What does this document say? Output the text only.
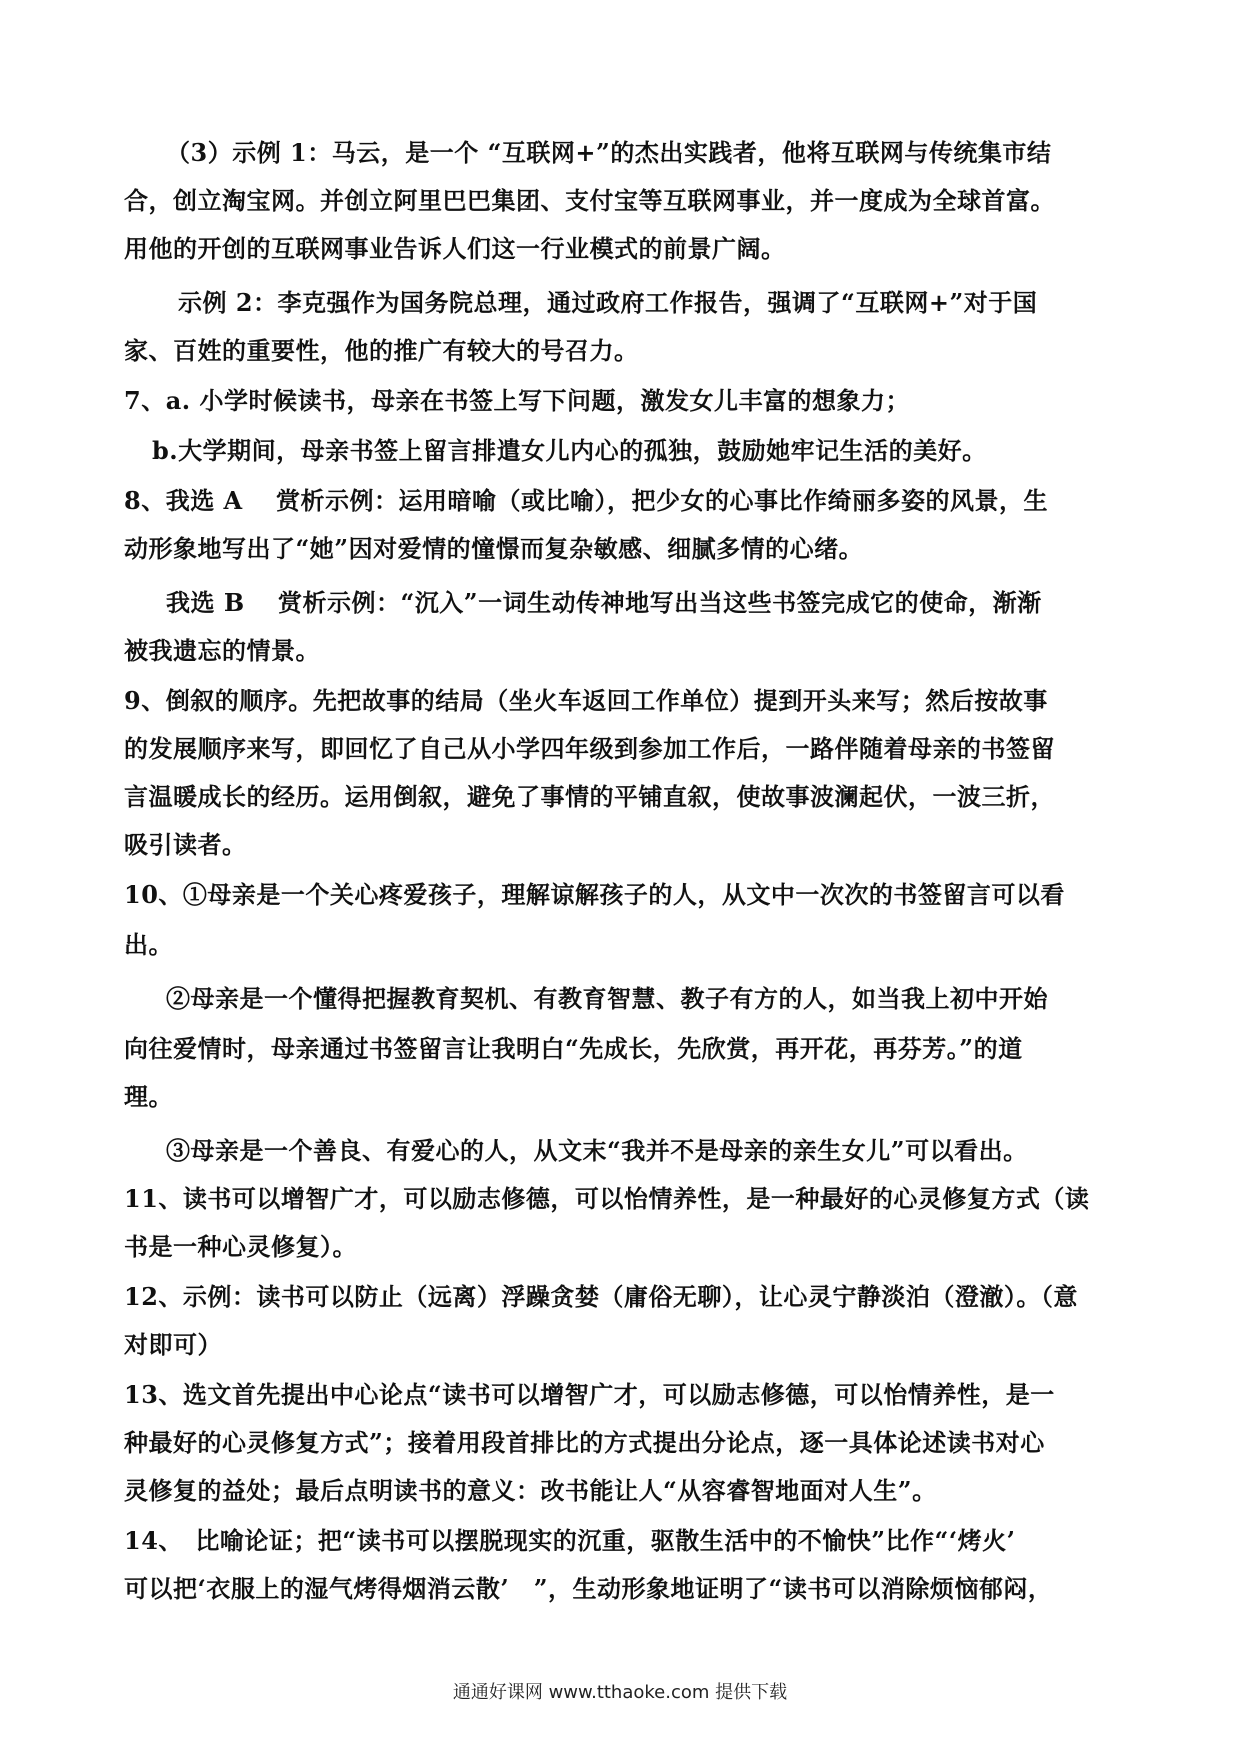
（3）示例 1：马云，是一个 “互联网+”的杰出实践者，他将互联网与传统集市结
合，创立淘宝网。并创立阿里巴巴集团、支付宝等互联网事业，并一度成为全球首富。
用他的开创的互联网事业告诉人们这一行业模式的前景广阔。
示例 2：李克强作为国务院总理，通过政府工作报告，强调了“互联网+”对于国
家、百姓的重要性，他的推广有较大的号召力。
7、a. 小学时候读书，母亲在书签上写下问题，激发女儿丰富的想象力；
b.大学期间，母亲书签上留言排遣女儿内心的孤独，鼓励她牢记生活的美好。
8、我选 A　 赏析示例：运用暗喻（或比喻），把少女的心事比作绮丽多姿的风景，生
动形象地写出了“她”因对爱情的憧憬而复杂敏感、细腻多情的心绪。
我选 B　 赏析示例：“沉入”一词生动传神地写出当这些书签完成它的使命，渐渐
被我遗忘的情景。
9、倒叙的顺序。先把故事的结局（坐火车返回工作单位）提到开头来写；然后按故事
的发展顺序来写，即回忆了自己从小学四年级到参加工作后，一路伴随着母亲的书签留
言温暖成长的经历。运用倒叙，避免了事情的平铺直叙，使故事波澜起伏，一波三折，
吸引读者。
10、①母亲是一个关心疼爱孩子，理解谅解孩子的人，从文中一次次的书签留言可以看
出。
②母亲是一个懂得把握教育契机、有教育智慧、教子有方的人，如当我上初中开始
向往爱情时，母亲通过书签留言让我明白“先成长，先欣赏，再开花，再芬芳。”的道
理。
③母亲是一个善良、有爱心的人，从文末“我并不是母亲的亲生女儿”可以看出。
11、读书可以增智广才，可以励志修德，可以怡情养性，是一种最好的心灵修复方式（读
书是一种心灵修复）。
12、示例：读书可以防止（远离）浮躁贪婪（庸俗无聊），让心灵宁静淡泊（澄澈）。（意
对即可）
13、选文首先提出中心论点“读书可以增智广才，可以励志修德，可以怡情养性，是一
种最好的心灵修复方式”；接着用段首排比的方式提出分论点，逐一具体论述读书对心
灵修复的益处；最后点明读书的意义：改书能让人“从容睿智地面对人生”。
14、　比喻论证；把“读书可以摆脱现实的沉重，驱散生活中的不愉快”比作“‘烤火’
可以把‘衣服上的湿气烤得烟消云散’　”，生动形象地证明了“读书可以消除烦恼郁闷，
通通好课网 www.tthaoke.com 提供下载
